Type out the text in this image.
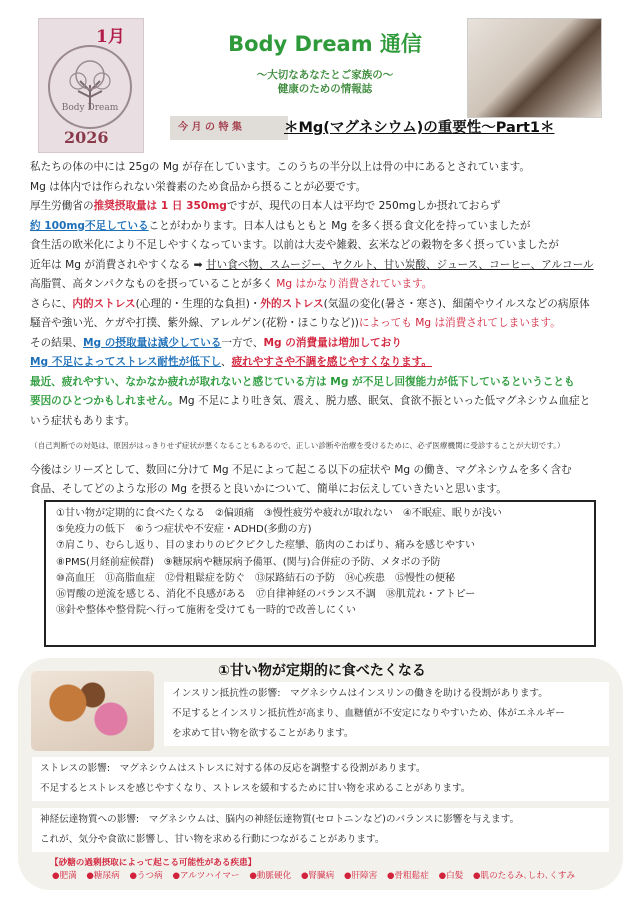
1月
Body Dream
2026
Body Dream 通信
～大切なあなたとご家族の～
健康のための情報誌
今 月 の 特 集	＊Mg(マグネシウム)の重要性～Part1＊
私たちの体の中には 25gの Mg が存在しています。このうちの半分以上は骨の中にあるとされています。
Mg は体内では作られない栄養素のため食品から摂ることが必要です。
厚生労働省の推奨摂取量は 1 日 350mgですが、現代の日本人は平均で 250mgしか摂れておらず
約 100mg不足していることがわかります。日本人はもともと Mg を多く摂る食文化を持っていましたが
食生活の欧米化により不足しやすくなっています。以前は大麦や雑穀、玄米などの穀物を多く摂っていましたが
近年は Mg が消費されやすくなる ➡ 甘い食べ物、スムージー、ヤクルト、甘い炭酸、ジュース、コーヒー、アルコール
高脂質、高タンパクなものを摂っていることが多く Mg はかなり消費されています。
さらに、内的ストレス(心理的・生理的な負担)・外的ストレス(気温の変化(暑さ・寒さ)、細菌やウイルスなどの病原体
騒音や強い光、ケガや打撲、紫外線、アレルゲン(花粉・ほこりなど))によっても Mg は消費されてしまいます。
その結果、Mg の摂取量は減少している一方で、Mg の消費量は増加しており
Mg 不足によってストレス耐性が低下し、疲れやすさや不調を感じやすくなります。
最近、疲れやすい、なかなか疲れが取れないと感じている方は Mg が不足し回復能力が低下しているということも
要因のひとつかもしれません。Mg 不足により吐き気、震え、脱力感、眠気、食欲不振といった低マグネシウム血症と
いう症状もあります。
（自己判断での対処は、原因がはっきりせず症状が悪くなることもあるので、正しい診断や治療を受けるために、必ず医療機関に受診することが大切です。）
今後はシリーズとして、数回に分けて Mg 不足によって起こる以下の症状や Mg の働き、マグネシウムを多く含む
食品、そしてどのような形の Mg を摂ると良いかについて、簡単にお伝えしていきたいと思います。
①甘い物が定期的に食べたくなる　②偏頭痛　③慢性疲労や疲れが取れない　④不眠症、眠りが浅い
⑤免疫力の低下　⑥うつ症状や不安症・ADHD(多動の方)
⑦肩こり、むらし返り、目のまわりのピクピクした痙攣、筋肉のこわばり、痛みを感じやすい
⑧PMS(月経前症候群)　⑨糖尿病や糖尿病予備軍、(関与)合併症の予防、メタボの予防
⑩高血圧　⑪高脂血症　⑫骨粗鬆症を防ぐ　⑬尿路結石の予防　⑭心疾患　⑮慢性の便秘
⑯胃酸の逆流を感じる、消化不良感がある　⑰自律神経のバランス不調　⑱肌荒れ・アトピー
⑱針や整体や整骨院へ行って施術を受けても一時的で改善しにくい
①甘い物が定期的に食べたくなる
インスリン抵抗性の影響:　マグネシウムはインスリンの働きを助ける役割があります。
不足するとインスリン抵抗性が高まり、血糖値が不安定になりやすいため、体がエネルギー
を求めて甘い物を欲することがあります。
ストレスの影響:　マグネシウムはストレスに対する体の反応を調整する役割があります。
不足するとストレスを感じやすくなり、ストレスを緩和するために甘い物を求めることがあります。
神経伝達物質への影響:　マグネシウムは、脳内の神経伝達物質(セロトニンなど)のバランスに影響を与えます。
これが、気分や食欲に影響し、甘い物を求める行動につながることがあります。
【砂糖の過剰摂取によって起こる可能性がある疾患】
●肥満 ●糖尿病 ●うつ病 ●アルツハイマー ●動脈硬化 ●腎臓病 ●肝障害 ●骨粗鬆症 ●白髪 ●肌のたるみ､しわ､くすみ
